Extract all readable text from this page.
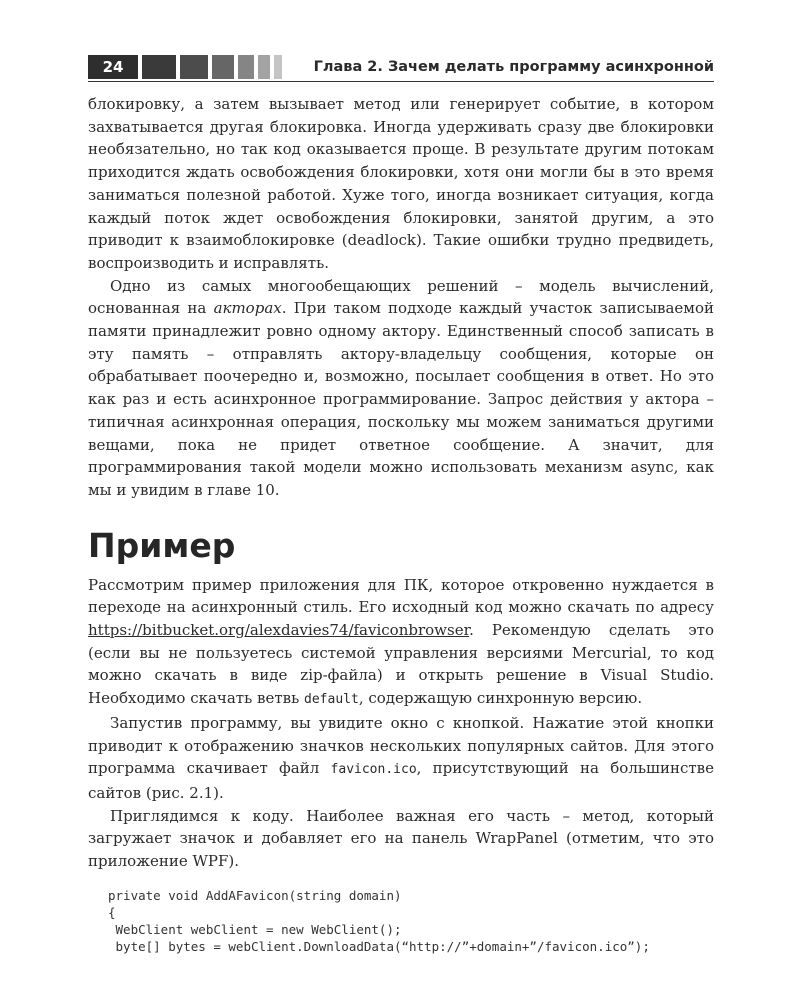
24	Глава 2. Зачем делать программу асинхронной

блокировку, а затем вызывает метод или генерирует событие, в котором захватывается другая блокировка. Иногда удерживать сразу две блокировки необязательно, но так код оказывается проще. В результате другим потокам приходится ждать освобождения блокировки, хотя они могли бы в это время заниматься полезной работой. Хуже того, иногда возникает ситуация, когда каждый поток ждет освобождения блокировки, занятой другим, а это приводит к взаимоблокировке (deadlock). Такие ошибки трудно предвидеть, воспроизводить и исправлять.

Одно из самых многообещающих решений – модель вычислений, основанная на акторах. При таком подходе каждый участок записываемой памяти принадлежит ровно одному актору. Единственный способ записать в эту память – отправлять актору-владельцу сообщения, которые он обрабатывает поочередно и, возможно, посылает сообщения в ответ. Но это как раз и есть асинхронное программирование. Запрос действия у актора – типичная асинхронная операция, поскольку мы можем заниматься другими вещами, пока не придет ответное сообщение. А значит, для программирования такой модели можно использовать механизм async, как мы и увидим в главе 10.

Пример

Рассмотрим пример приложения для ПК, которое откровенно нуждается в переходе на асинхронный стиль. Его исходный код можно скачать по адресу https://bitbucket.org/alexdavies74/faviconbrowser. Рекомендую сделать это (если вы не пользуетесь системой управления версиями Mercurial, то код можно скачать в виде zip-файла) и открыть решение в Visual Studio. Необходимо скачать ветвь default, содержащую синхронную версию.

Запустив программу, вы увидите окно с кнопкой. Нажатие этой кнопки приводит к отображению значков нескольких популярных сайтов. Для этого программа скачивает файл favicon.ico, присутствующий на большинстве сайтов (рис. 2.1).

Приглядимся к коду. Наиболее важная его часть – метод, который загружает значок и добавляет его на панель WrapPanel (отметим, что это приложение WPF).

private void AddAFavicon(string domain)
{
WebClient webClient = new WebClient();
byte[] bytes = webClient.DownloadData(“http://”+domain+”/favicon.ico”);
